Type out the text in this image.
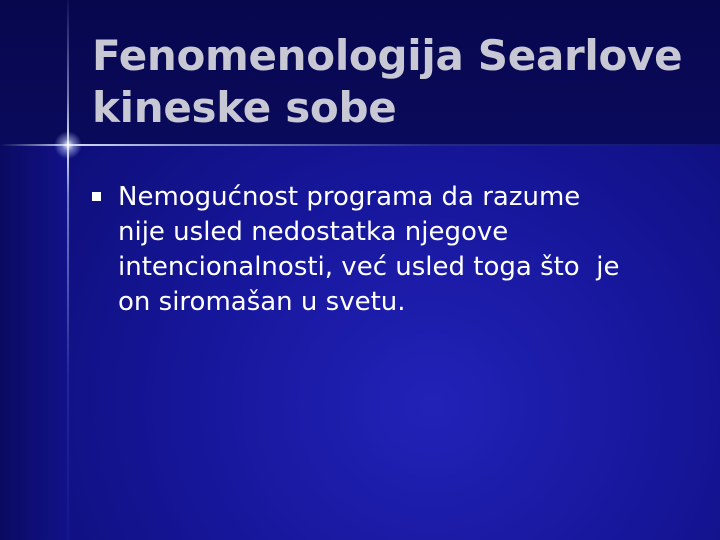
Fenomenologija Searlove kineske sobe
Nemogućnost programa da razume
nije usled nedostatka njegove
intencionalnosti, već usled toga što  je
on siromašan u svetu.
